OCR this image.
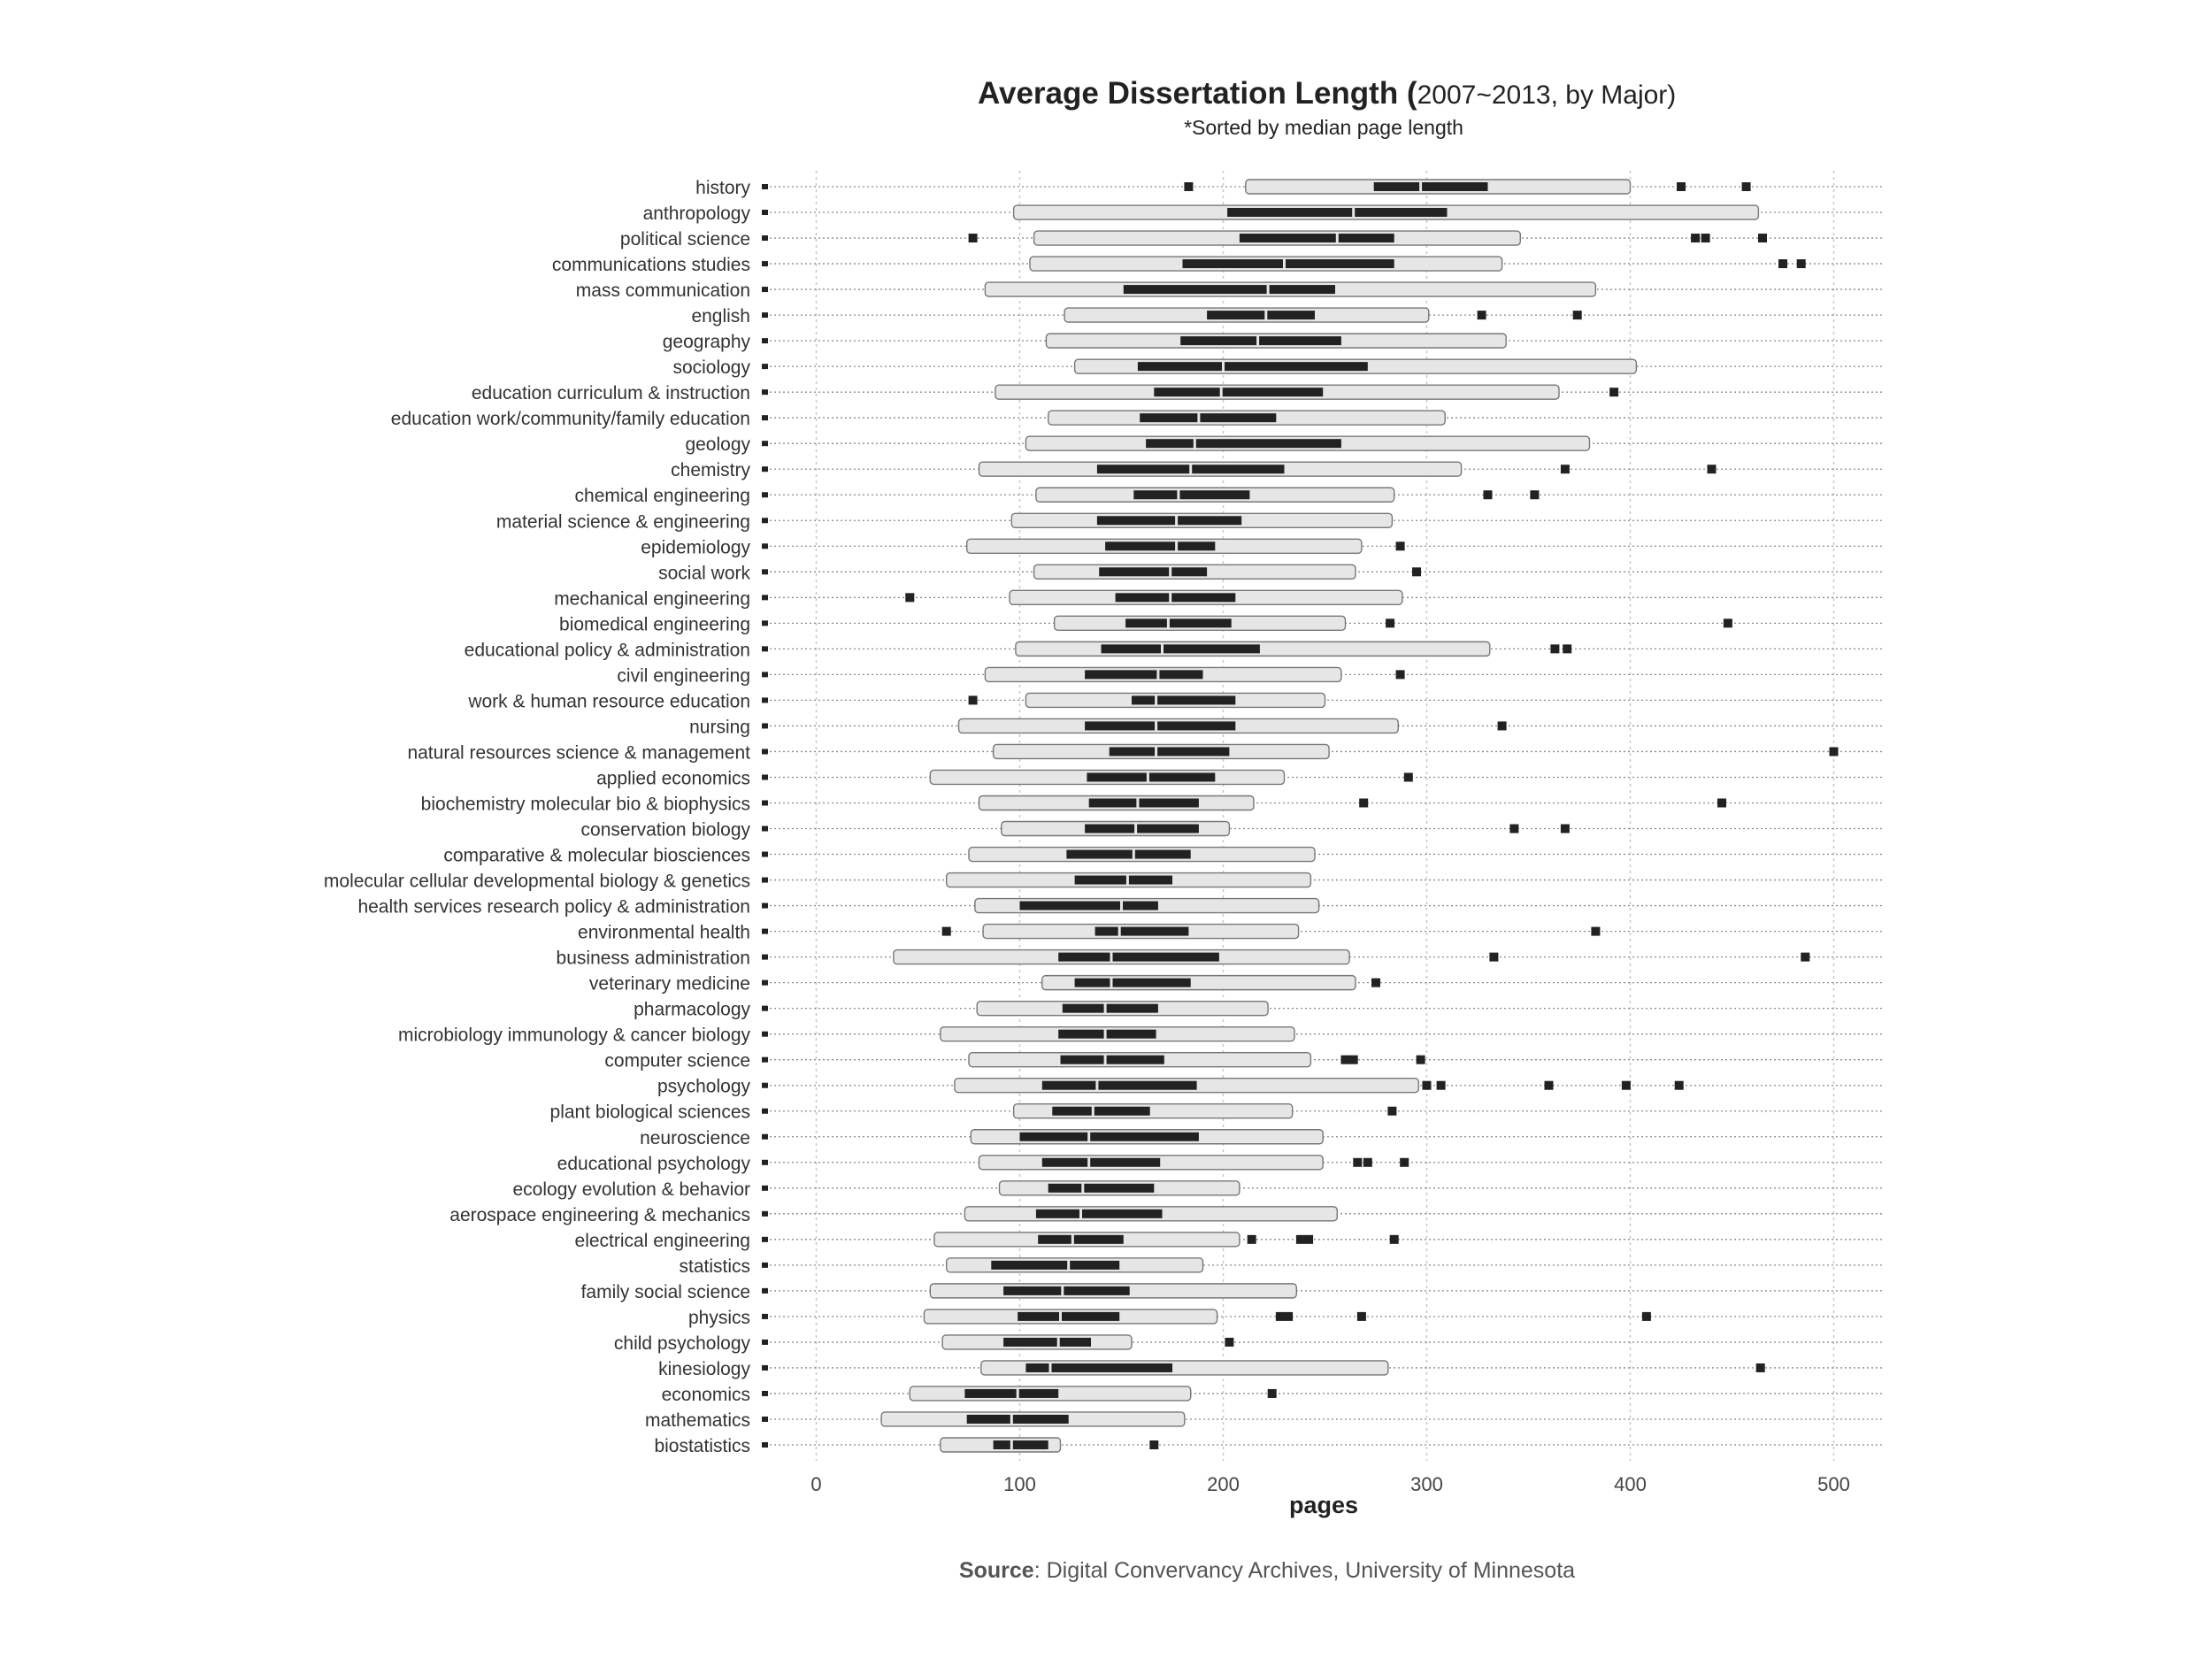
Average Dissertation Length (2007~2013, by Major)
*Sorted by median page length
history
anthropology
political science
communications studies
mass communication
english
geography
sociology
education curriculum & instruction
education work/community/family education
geology
chemistry
chemical engineering
material science & engineering
epidemiology
social work
mechanical engineering
biomedical engineering
educational policy & administration
civil engineering
work & human resource education
nursing
natural resources science & management
applied economics
biochemistry molecular bio & biophysics
conservation biology
comparative & molecular biosciences
molecular cellular developmental biology & genetics
health services research policy & administration
environmental health
business administration
veterinary medicine
pharmacology
microbiology immunology & cancer biology
computer science
psychology
plant biological sciences
neuroscience
educational psychology
ecology evolution & behavior
aerospace engineering & mechanics
electrical engineering
statistics
family social science
physics
child psychology
kinesiology
economics
mathematics
biostatistics
0	100	200	300	400	500
pages
Source: Digital Convervancy Archives, University of Minnesota
